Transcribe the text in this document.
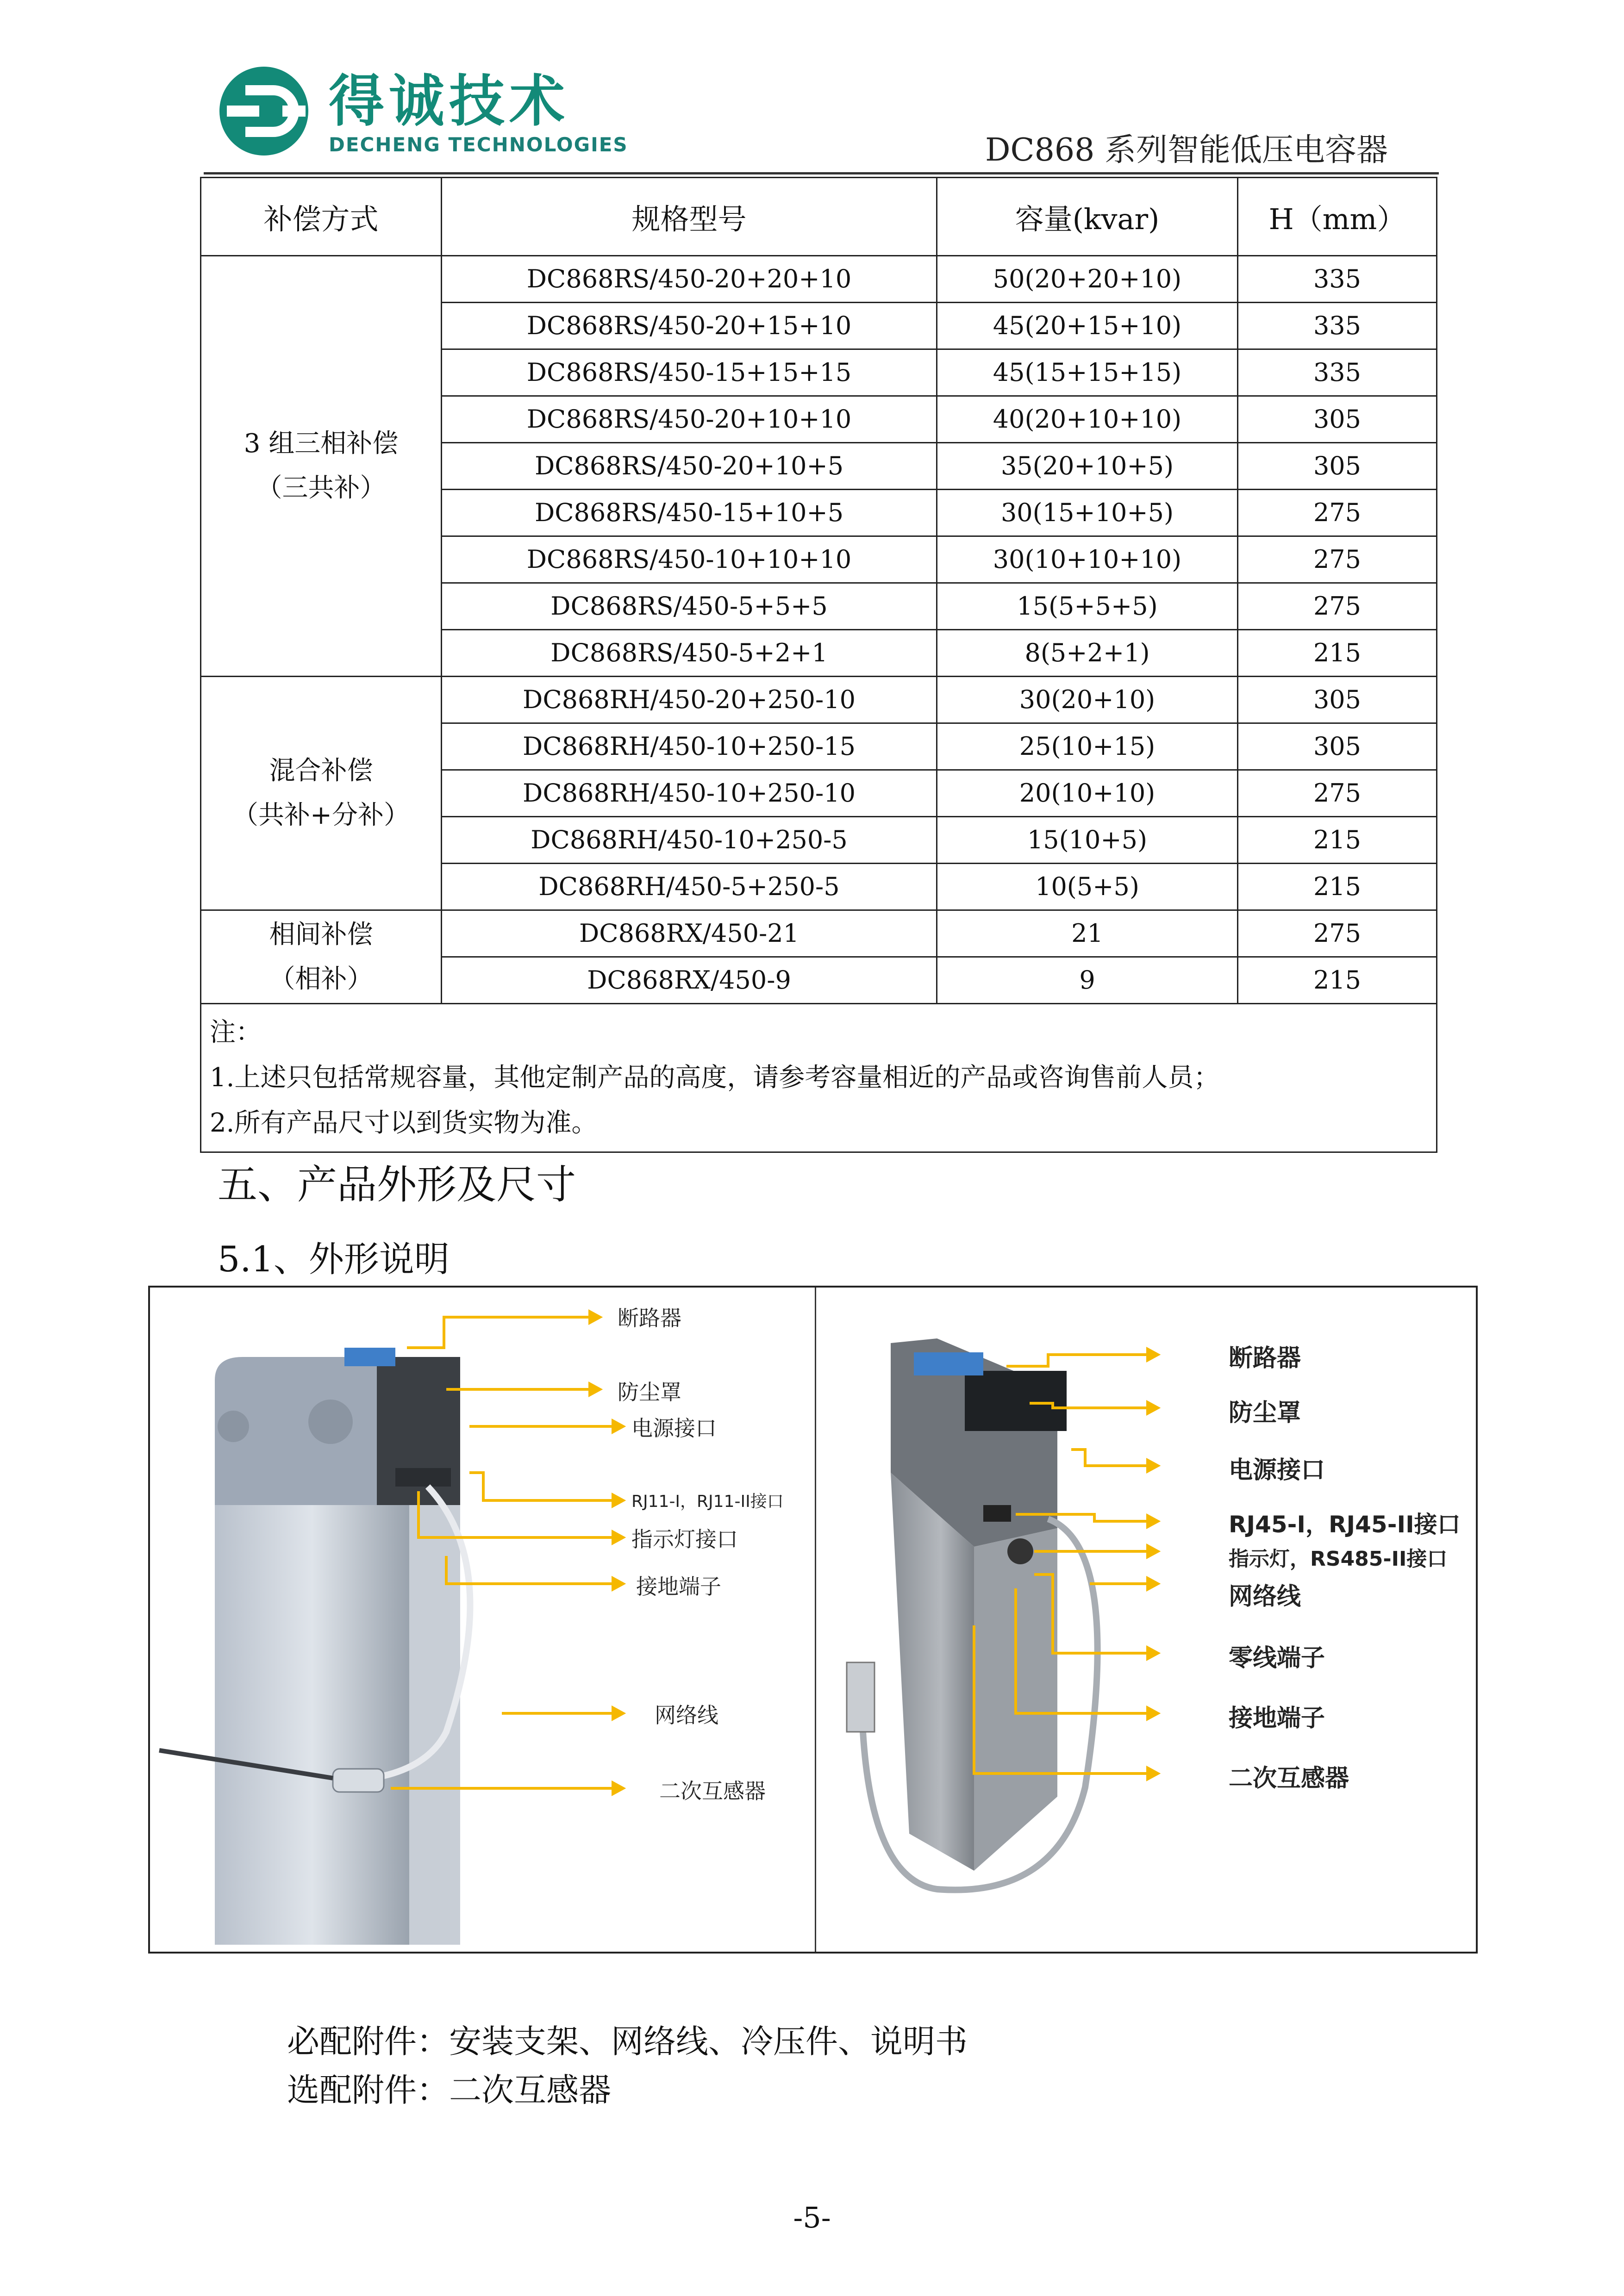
得诚技术
DECHENG TECHNOLOGIES	DC868 系列智能低压电容器
补偿方式	规格型号	容量(kvar)	H（mm）

3 组三相补偿
（三共补）	DC868RS/450-20+20+10	50(20+20+10)	335
	DC868RS/450-20+15+10	45(20+15+10)	335
	DC868RS/450-15+15+15	45(15+15+15)	335
	DC868RS/450-20+10+10	40(20+10+10)	305
	DC868RS/450-20+10+5	35(20+10+5)	305
	DC868RS/450-15+10+5	30(15+10+5)	275
	DC868RS/450-10+10+10	30(10+10+10)	275
	DC868RS/450-5+5+5	15(5+5+5)	275
	DC868RS/450-5+2+1	8(5+2+1)	215

混合补偿
（共补+分补）	DC868RH/450-20+250-10	30(20+10)	305
	DC868RH/450-10+250-15	25(10+15)	305
	DC868RH/450-10+250-10	20(10+10)	275
	DC868RH/450-10+250-5	15(10+5)	215
	DC868RH/450-5+250-5	10(5+5)	215

相间补偿
（相补）	DC868RX/450-21	21	275
	DC868RX/450-9	9	215

注：
1.上述只包括常规容量，其他定制产品的高度，请参考容量相近的产品或咨询售前人员；
2.所有产品尺寸以到货实物为准。			
五、产品外形及尺寸
5.1、外形说明
断路器
防尘罩
电源接口
RJ11-I，RJ11-II接口
指示灯接口
接地端子
网络线
二次互感器
断路器
防尘罩
电源接口
RJ45-I，RJ45-II接口
指示灯，RS485-II接口
网络线
零线端子
接地端子
二次互感器
必配附件：安装支架、网络线、冷压件、说明书
选配附件：二次互感器
-5-
